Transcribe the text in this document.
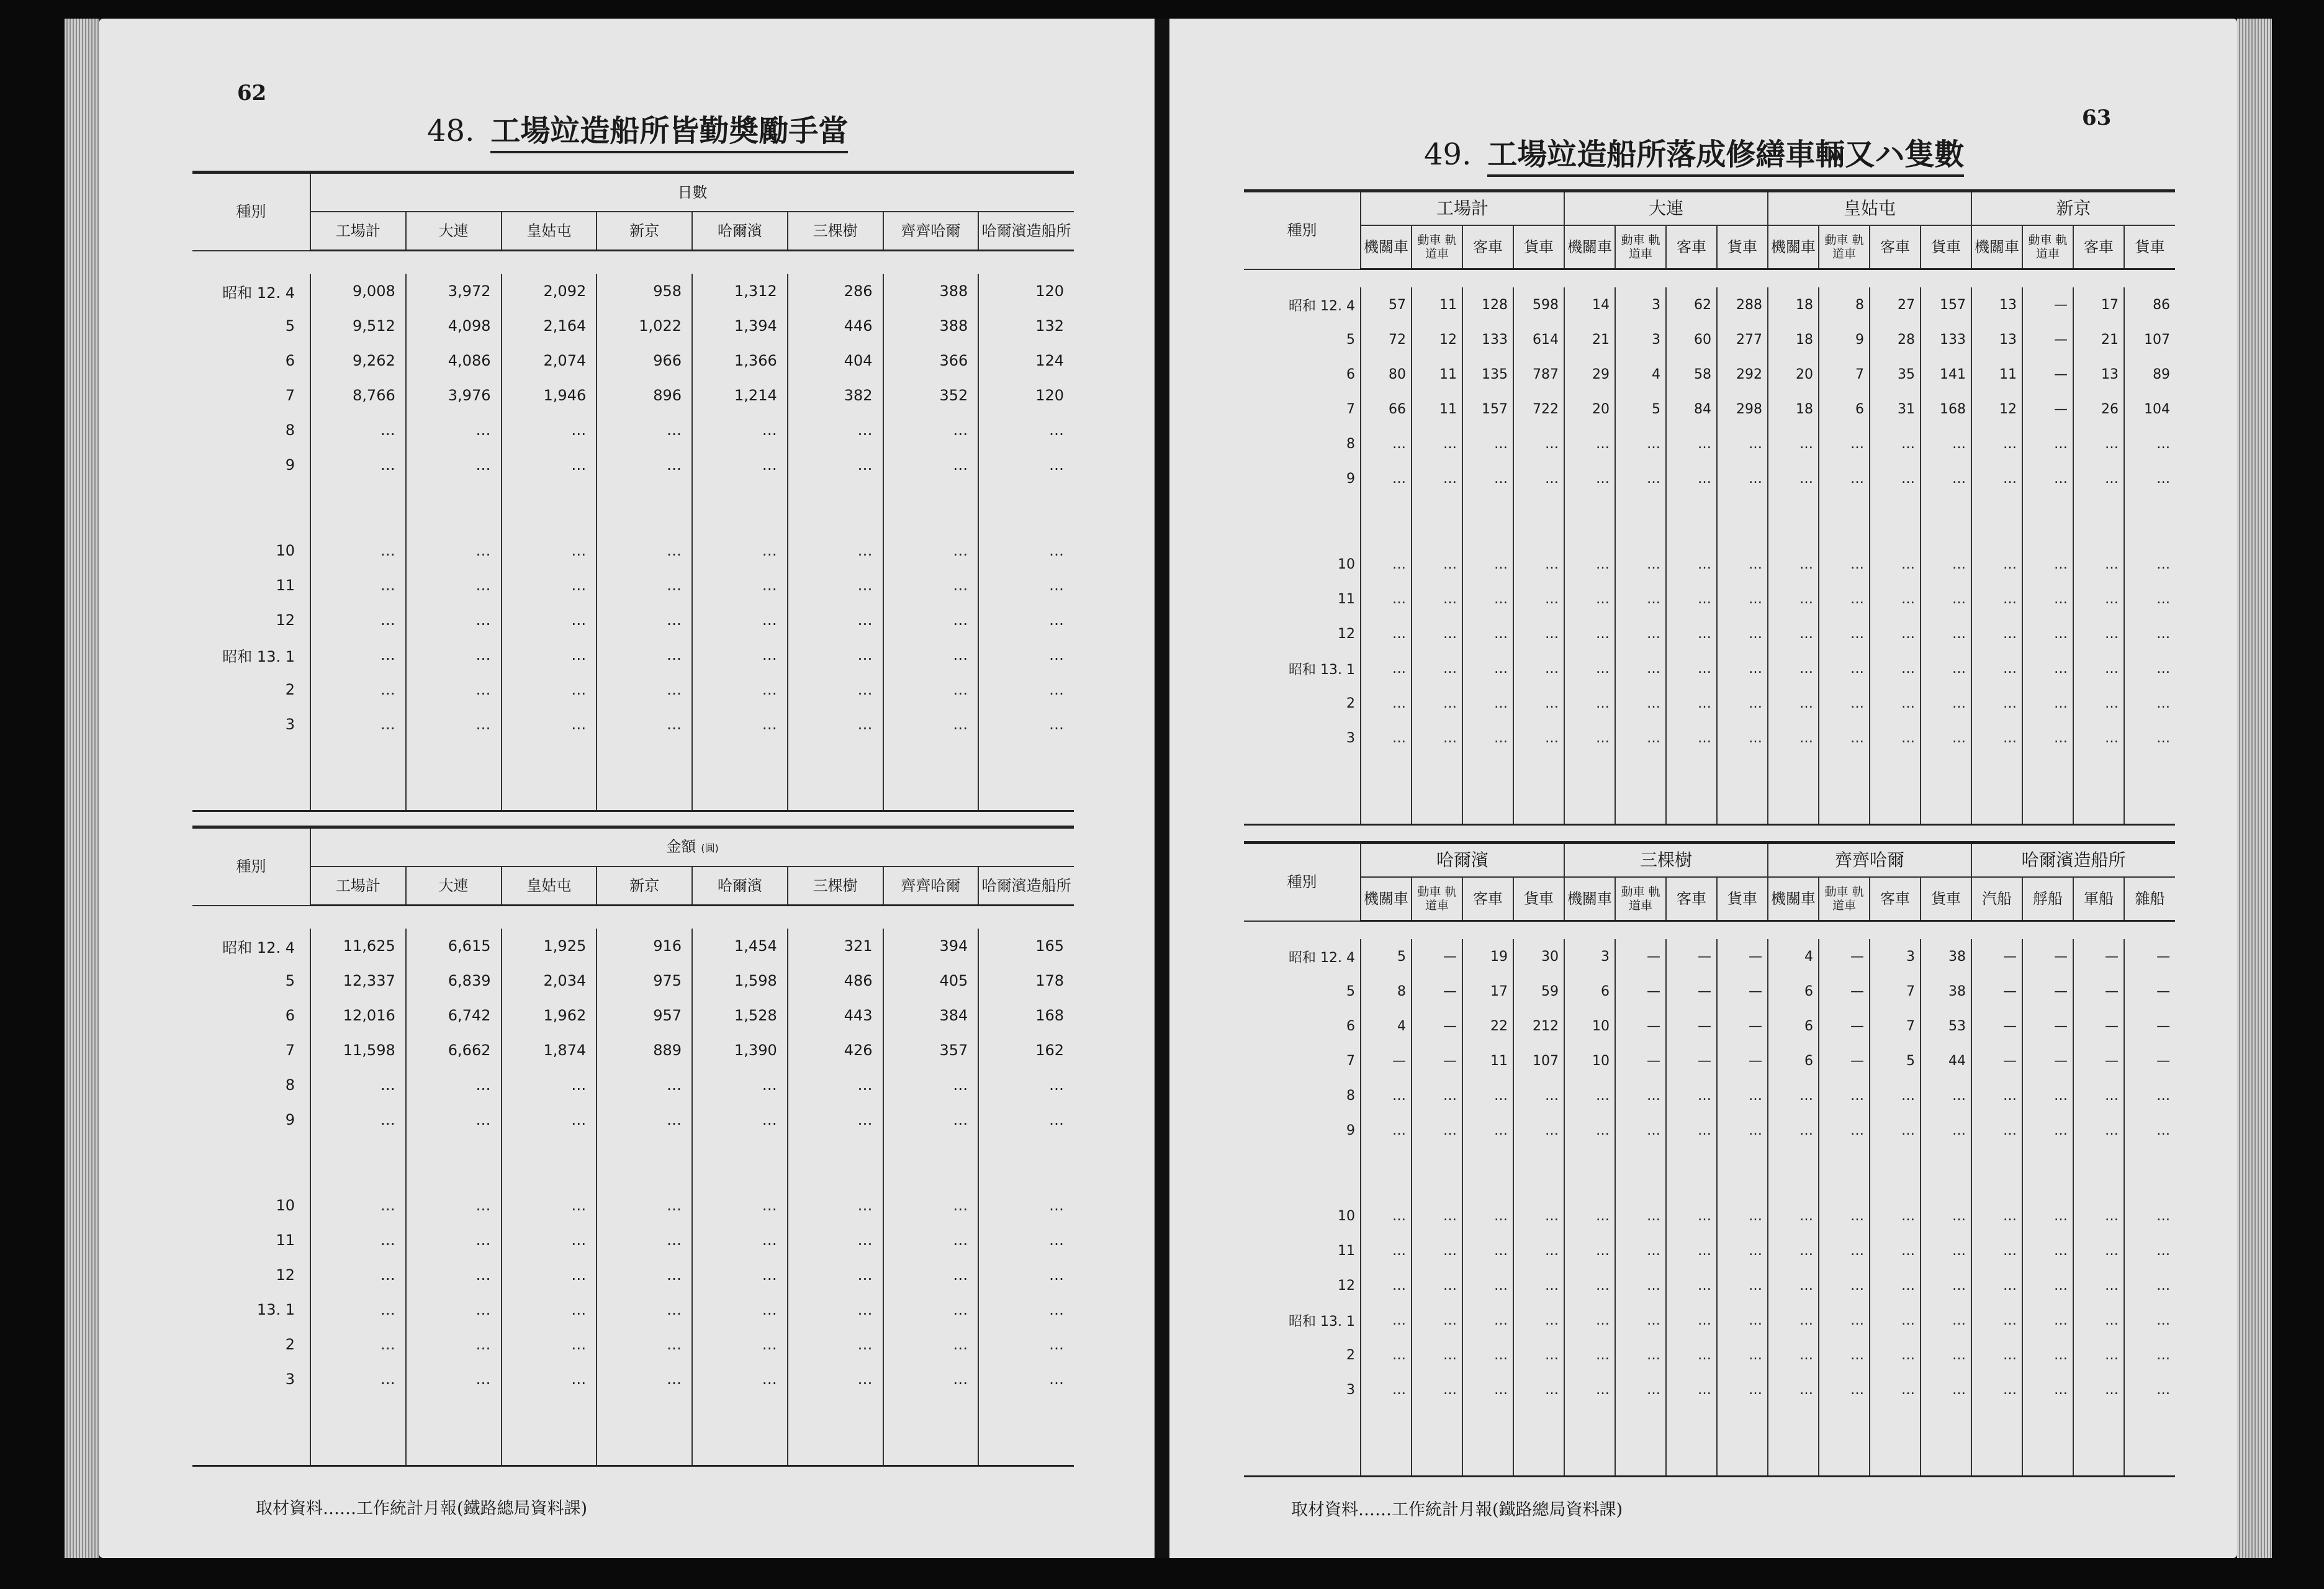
62
48. 工場竝造船所皆勤奬勵手當
種別	日數							
	工場計	大連	皇姑屯	新京	哈爾濱	三棵樹	齊齊哈爾	哈爾濱造船所

昭和 12. 4	9,008	3,972	2,092	958	1,312	286	388	120
5	9,512	4,098	2,164	1,022	1,394	446	388	132
6	9,262	4,086	2,074	966	1,366	404	366	124
7	8,766	3,976	1,946	896	1,214	382	352	120
8	…	…	…	…	…	…	…	…
9	…	…	…	…	…	…	…	…

10	…	…	…	…	…	…	…	…
11	…	…	…	…	…	…	…	…
12	…	…	…	…	…	…	…	…
昭和 13. 1	…	…	…	…	…	…	…	…
2	…	…	…	…	…	…	…	…
3	…	…	…	…	…	…	…	…

種別	金額 (圓)							
	工場計	大連	皇姑屯	新京	哈爾濱	三棵樹	齊齊哈爾	哈爾濱造船所

昭和 12. 4	11,625	6,615	1,925	916	1,454	321	394	165
5	12,337	6,839	2,034	975	1,598	486	405	178
6	12,016	6,742	1,962	957	1,528	443	384	168
7	11,598	6,662	1,874	889	1,390	426	357	162
8	…	…	…	…	…	…	…	…
9	…	…	…	…	…	…	…	…

10	…	…	…	…	…	…	…	…
11	…	…	…	…	…	…	…	…
12	…	…	…	…	…	…	…	…
13. 1	…	…	…	…	…	…	…	…
2	…	…	…	…	…	…	…	…
3	…	…	…	…	…	…	…	…

取材資料……工作統計月報(鐵路總局資料課)
63
49. 工場竝造船所落成修繕車輛又ハ隻數
種別	工場計				大連				皇姑屯				新京			
	機關車	動車 軌道車	客車	貨車	機關車	動車 軌道車	客車	貨車	機關車	動車 軌道車	客車	貨車	機關車	動車 軌道車	客車	貨車

昭和 12. 4	57	11	128	598	14	3	62	288	18	8	27	157	13	—	17	86
5	72	12	133	614	21	3	60	277	18	9	28	133	13	—	21	107
6	80	11	135	787	29	4	58	292	20	7	35	141	11	—	13	89
7	66	11	157	722	20	5	84	298	18	6	31	168	12	—	26	104
8	…	…	…	…	…	…	…	…	…	…	…	…	…	…	…	…
9	…	…	…	…	…	…	…	…	…	…	…	…	…	…	…	…

10	…	…	…	…	…	…	…	…	…	…	…	…	…	…	…	…
11	…	…	…	…	…	…	…	…	…	…	…	…	…	…	…	…
12	…	…	…	…	…	…	…	…	…	…	…	…	…	…	…	…
昭和 13. 1	…	…	…	…	…	…	…	…	…	…	…	…	…	…	…	…
2	…	…	…	…	…	…	…	…	…	…	…	…	…	…	…	…
3	…	…	…	…	…	…	…	…	…	…	…	…	…	…	…	…

種別	哈爾濱				三棵樹				齊齊哈爾				哈爾濱造船所			
	機關車	動車 軌道車	客車	貨車	機關車	動車 軌道車	客車	貨車	機關車	動車 軌道車	客車	貨車	汽船	艀船	軍船	雜船

昭和 12. 4	5	—	19	30	3	—	—	—	4	—	3	38	—	—	—	—
5	8	—	17	59	6	—	—	—	6	—	7	38	—	—	—	—
6	4	—	22	212	10	—	—	—	6	—	7	53	—	—	—	—
7	—	—	11	107	10	—	—	—	6	—	5	44	—	—	—	—
8	…	…	…	…	…	…	…	…	…	…	…	…	…	…	…	…
9	…	…	…	…	…	…	…	…	…	…	…	…	…	…	…	…

10	…	…	…	…	…	…	…	…	…	…	…	…	…	…	…	…
11	…	…	…	…	…	…	…	…	…	…	…	…	…	…	…	…
12	…	…	…	…	…	…	…	…	…	…	…	…	…	…	…	…
昭和 13. 1	…	…	…	…	…	…	…	…	…	…	…	…	…	…	…	…
2	…	…	…	…	…	…	…	…	…	…	…	…	…	…	…	…
3	…	…	…	…	…	…	…	…	…	…	…	…	…	…	…	…

取材資料……工作統計月報(鐵路總局資料課)
